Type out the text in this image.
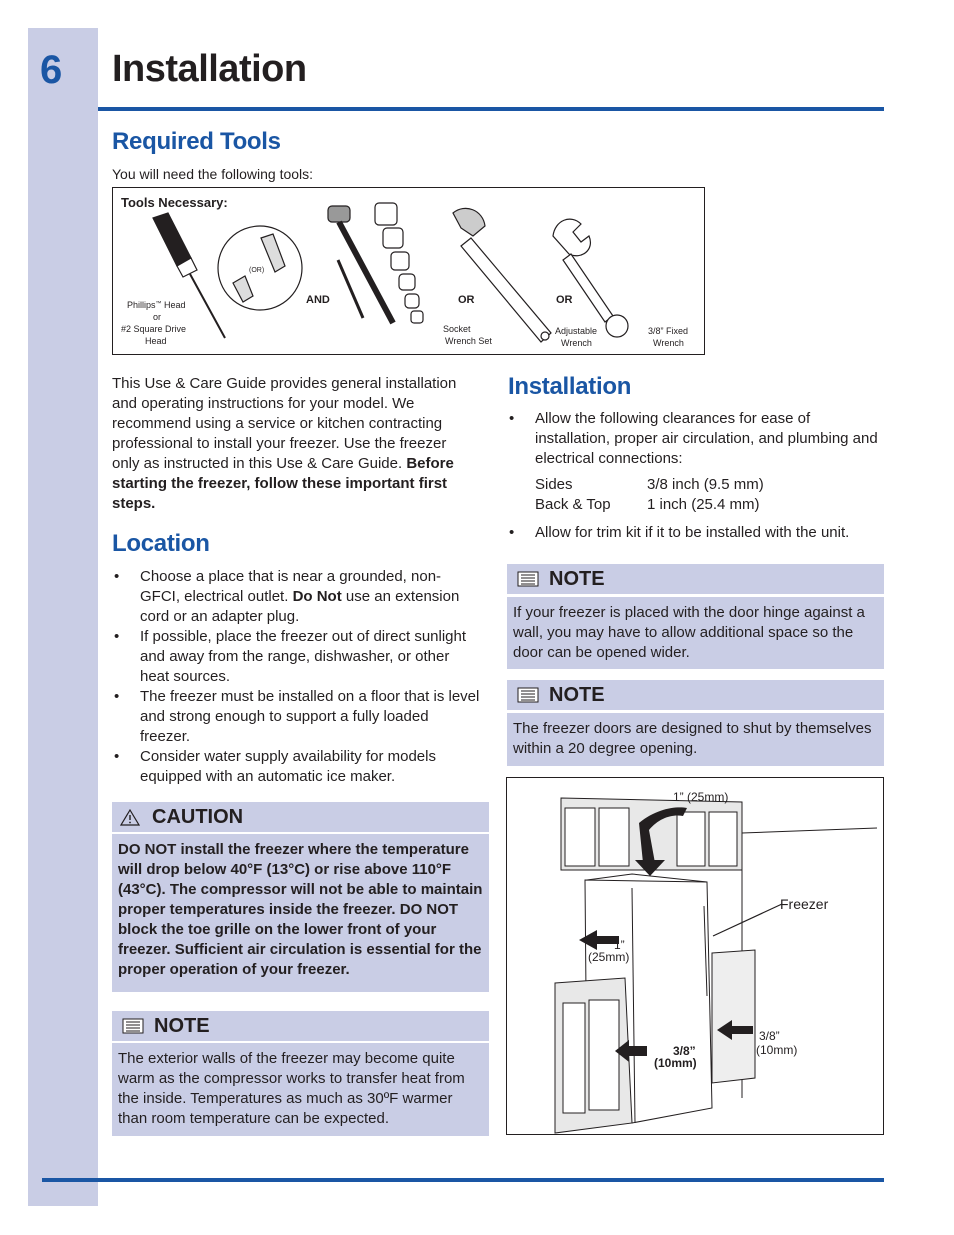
6 Installation
Required Tools
You will need the following tools:
Tools Necessary:
(OR)
Phillips™ Head
or
#2 Square Drive
Head
AND	OR	OR
Socket
Wrench Set
Adjustable
Wrench
3/8” Fixed
Wrench

This Use & Care Guide provides general installation and operating instructions for your model. We recommend using a service or kitchen contracting professional to install your freezer. Use the freezer only as instructed in this Use & Care Guide. Before starting the freezer, follow these important first steps.

Location
• Choose a place that is near a grounded, non-GFCI, electrical outlet. Do Not use an extension cord or an adapter plug.
• If possible, place the freezer out of direct sunlight and away from the range, dishwasher, or other heat sources.
• The freezer must be installed on a floor that is level and strong enough to support a fully loaded freezer.
• Consider water supply availability for models equipped with an automatic ice maker.
CAUTION
DO NOT install the freezer where the temperature will drop below 40°F (13°C) or rise above 110°F (43°C). The compressor will not be able to maintain proper temperatures inside the freezer. DO NOT block the toe grille on the lower front of your freezer. Sufficient air circulation is essential for the proper operation of your freezer.
NOTE
The exterior walls of the freezer may become quite warm as the compressor works to transfer heat from the inside. Temperatures as much as 30ºF warmer than room temperature can be expected.
Installation
• Allow the following clearances for ease of installation, proper air circulation, and plumbing and electrical connections:
Sides	3/8 inch (9.5 mm)
Back & Top	1 inch (25.4 mm)
• Allow for trim kit if it to be installed with the unit.
NOTE
If your freezer is placed with the door hinge against a wall, you may have to allow additional space so the door can be opened wider.
NOTE
The freezer doors are designed to shut by themselves within a 20 degree opening.
1” (25mm)
1”
(25mm)
3/8”
(10mm)
Freezer
3/8”
(10mm)
